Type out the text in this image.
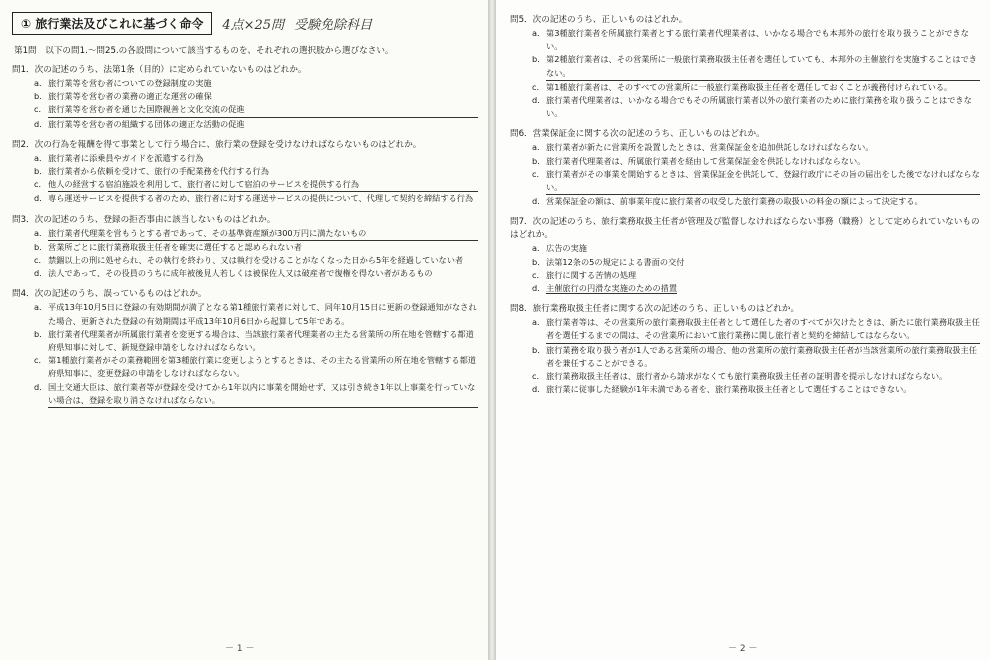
① 旅行業法及びこれに基づく命令	4点×25問 受験免除科目
第1問　以下の問1.～問25.の各設問について該当するものを、それぞれの選択肢から選びなさい。
問1．次の記述のうち、法第1条（目的）に定められていないものはどれか。
a． 旅行業等を営む者についての登録制度の実施
b． 旅行業等を営む者の業務の適正な運営の確保
c． 旅行業等を営む者を通じた国際親善と文化交流の促進
d． 旅行業等を営む者の組織する団体の適正な活動の促進
問2．次の行為を報酬を得て事業として行う場合に、旅行業の登録を受けなければならないものはどれか。
a． 旅行業者に添乗員やガイドを派遣する行為
b． 旅行業者から依頼を受けて、旅行の手配業務を代行する行為
c． 他人の経営する宿泊施設を利用して、旅行者に対して宿泊のサービスを提供する行為
d． 専ら運送サービスを提供する者のため、旅行者に対する運送サービスの提供について、代理して契約を締結する行為
問3．次の記述のうち、登録の拒否事由に該当しないものはどれか。
a． 旅行業者代理業を営もうとする者であって、その基準資産額が300万円に満たないもの
b． 営業所ごとに旅行業務取扱主任者を確実に選任すると認められない者
c． 禁錮以上の刑に処せられ、その執行を終わり、又は執行を受けることがなくなった日から5年を経過していない者
d． 法人であって、その役員のうちに成年被後見人若しくは被保佐人又は破産者で復権を得ない者があるもの
問4．次の記述のうち、誤っているものはどれか。
a． 平成13年10月5日に登録の有効期間が満了となる第1種旅行業者に対して、同年10月15日に更新の登録通知がなされた場合、更新された登録の有効期間は平成13年10月6日から起算して5年である。
b． 旅行業者代理業者が所属旅行業者を変更する場合は、当該旅行業者代理業者の主たる営業所の所在地を管轄する都道府県知事に対して、新規登録申請をしなければならない。
c． 第1種旅行業者がその業務範囲を第3種旅行業に変更しようとするときは、その主たる営業所の所在地を管轄する都道府県知事に、変更登録の申請をしなければならない。
d． 国土交通大臣は、旅行業者等が登録を受けてから1年以内に事業を開始せず、又は引き続き1年以上事業を行っていない場合は、登録を取り消さなければならない。
－ 1 －
問5．次の記述のうち、正しいものはどれか。
a． 第3種旅行業者を所属旅行業者とする旅行業者代理業者は、いかなる場合でも本邦外の旅行を取り扱うことができない。
b． 第2種旅行業者は、その営業所に一般旅行業務取扱主任者を選任していても、本邦外の主催旅行を実施することはできない。
c． 第1種旅行業者は、そのすべての営業所に一般旅行業務取扱主任者を選任しておくことが義務付けられている。
d． 旅行業者代理業者は、いかなる場合でもその所属旅行業者以外の旅行業者のために旅行業務を取り扱うことはできない。
問6．営業保証金に関する次の記述のうち、正しいものはどれか。
a． 旅行業者が新たに営業所を設置したときは、営業保証金を追加供託しなければならない。
b． 旅行業者代理業者は、所属旅行業者を経由して営業保証金を供託しなければならない。
c． 旅行業者がその事業を開始するときは、営業保証金を供託して、登録行政庁にその旨の届出をした後でなければならない。
d． 営業保証金の額は、前事業年度に旅行業者の収受した旅行業務の取扱いの料金の額によって決定する。
問7．次の記述のうち、旅行業務取扱主任者が管理及び監督しなければならない事務（職務）として定められていないものはどれか。
a． 広告の実施
b． 法第12条の5の規定による書面の交付
c． 旅行に関する苦情の処理
d． 主催旅行の円滑な実施のための措置
問8．旅行業務取扱主任者に関する次の記述のうち、正しいものはどれか。
a． 旅行業者等は、その営業所の旅行業務取扱主任者として選任した者のすべてが欠けたときは、新たに旅行業務取扱主任者を選任するまでの間は、その営業所において旅行業務に関し旅行者と契約を締結してはならない。
b． 旅行業務を取り扱う者が1人である営業所の場合、他の営業所の旅行業務取扱主任者が当該営業所の旅行業務取扱主任者を兼任することができる。
c． 旅行業務取扱主任者は、旅行者から請求がなくても旅行業務取扱主任者の証明書を提示しなければならない。
d． 旅行業に従事した経験が1年未満である者を、旅行業務取扱主任者として選任することはできない。
－ 2 －
